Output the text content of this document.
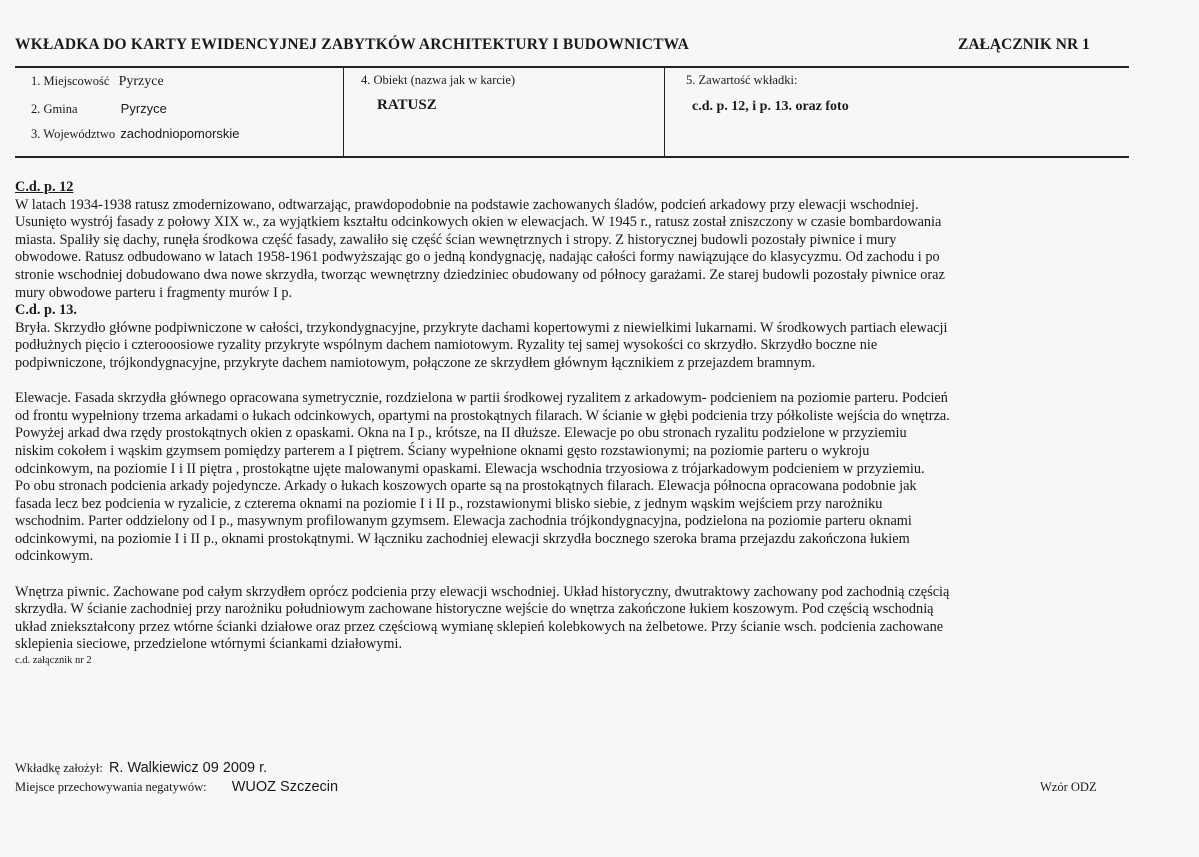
WKŁADKA DO KARTY EWIDENCYJNEJ ZABYTKÓW ARCHITEKTURY I BUDOWNICTWA	ZAŁĄCZNIK NR 1
1. Miejscowość Pyrzyce
2. Gmina	Pyrzyce
3. Województwo zachodniopomorskie
4. Obiekt (nazwa jak w karcie)
RATUSZ
5. Zawartość wkładki:
c.d. p. 12, i p. 13. oraz foto
C.d. p. 12
W latach 1934-1938 ratusz zmodernizowano, odtwarzając, prawdopodobnie na podstawie zachowanych śladów, podcień arkadowy przy elewacji wschodniej.
Usunięto wystrój fasady z połowy XIX w., za wyjątkiem kształtu odcinkowych okien w elewacjach. W 1945 r., ratusz został zniszczony w czasie bombardowania
miasta. Spaliły się dachy, runęła środkowa część fasady, zawaliło się część ścian wewnętrznych i stropy. Z historycznej budowli pozostały piwnice i mury
obwodowe. Ratusz odbudowano w latach 1958-1961 podwyższając go o jedną kondygnację, nadając całości formy nawiązujące do klasycyzmu. Od zachodu i po
stronie wschodniej dobudowano dwa nowe skrzydła, tworząc wewnętrzny dziedziniec obudowany od północy garażami. Ze starej budowli pozostały piwnice oraz
mury obwodowe parteru i fragmenty murów I p.
C.d. p. 13.
Bryła. Skrzydło główne podpiwniczone w całości, trzykondygnacyjne, przykryte dachami kopertowymi z niewielkimi lukarnami. W środkowych partiach elewacji
podłużnych pięcio i czterooosiowe ryzality przykryte wspólnym dachem namiotowym. Ryzality tej samej wysokości co skrzydło. Skrzydło boczne nie
podpiwniczone, trójkondygnacyjne, przykryte dachem namiotowym, połączone ze skrzydłem głównym łącznikiem z przejazdem bramnym.
Elewacje. Fasada skrzydła głównego opracowana symetrycznie, rozdzielona w partii środkowej ryzalitem z arkadowym- podcieniem na poziomie parteru. Podcień
od frontu wypełniony trzema arkadami o łukach odcinkowych, opartymi na prostokątnych filarach. W ścianie w głębi podcienia trzy półkoliste wejścia do wnętrza.
Powyżej arkad dwa rzędy prostokątnych okien z opaskami. Okna na I p., krótsze, na II dłuższe. Elewacje po obu stronach ryzalitu podzielone w przyziemiu
niskim cokołem i wąskim gzymsem pomiędzy parterem a I piętrem. Ściany wypełnione oknami gęsto rozstawionymi; na poziomie parteru o wykroju
odcinkowym, na poziomie I i II piętra , prostokątne ujęte malowanymi opaskami. Elewacja wschodnia trzyosiowa z trójarkadowym podcieniem w przyziemiu.
Po obu stronach podcienia arkady pojedyncze. Arkady o łukach koszowych oparte są na prostokątnych filarach. Elewacja północna opracowana podobnie jak
fasada lecz bez podcienia w ryzalicie, z czterema oknami na poziomie I i II p., rozstawionymi blisko siebie, z jednym wąskim wejściem przy narożniku
wschodnim. Parter oddzielony od I p., masywnym profilowanym gzymsem. Elewacja zachodnia trójkondygnacyjna, podzielona na poziomie parteru oknami
odcinkowymi, na poziomie I i II p., oknami prostokątnymi. W łączniku zachodniej elewacji skrzydła bocznego szeroka brama przejazdu zakończona łukiem
odcinkowym.
Wnętrza piwnic. Zachowane pod całym skrzydłem oprócz podcienia przy elewacji wschodniej. Układ historyczny, dwutraktowy zachowany pod zachodnią częścią
skrzydła. W ścianie zachodniej przy narożniku południowym zachowane historyczne wejście do wnętrza zakończone łukiem koszowym. Pod częścią wschodnią
układ zniekształcony przez wtórne ścianki działowe oraz przez częściową wymianę sklepień kolebkowych na żelbetowe. Przy ścianie wsch. podcienia zachowane
sklepienia sieciowe, przedzielone wtórnymi ściankami działowymi.
c.d. załącznik nr 2
Wkładkę założył: R. Walkiewicz 09 2009 r.
Miejsce przechowywania negatywów: WUOZ Szczecin	Wzór ODZ
